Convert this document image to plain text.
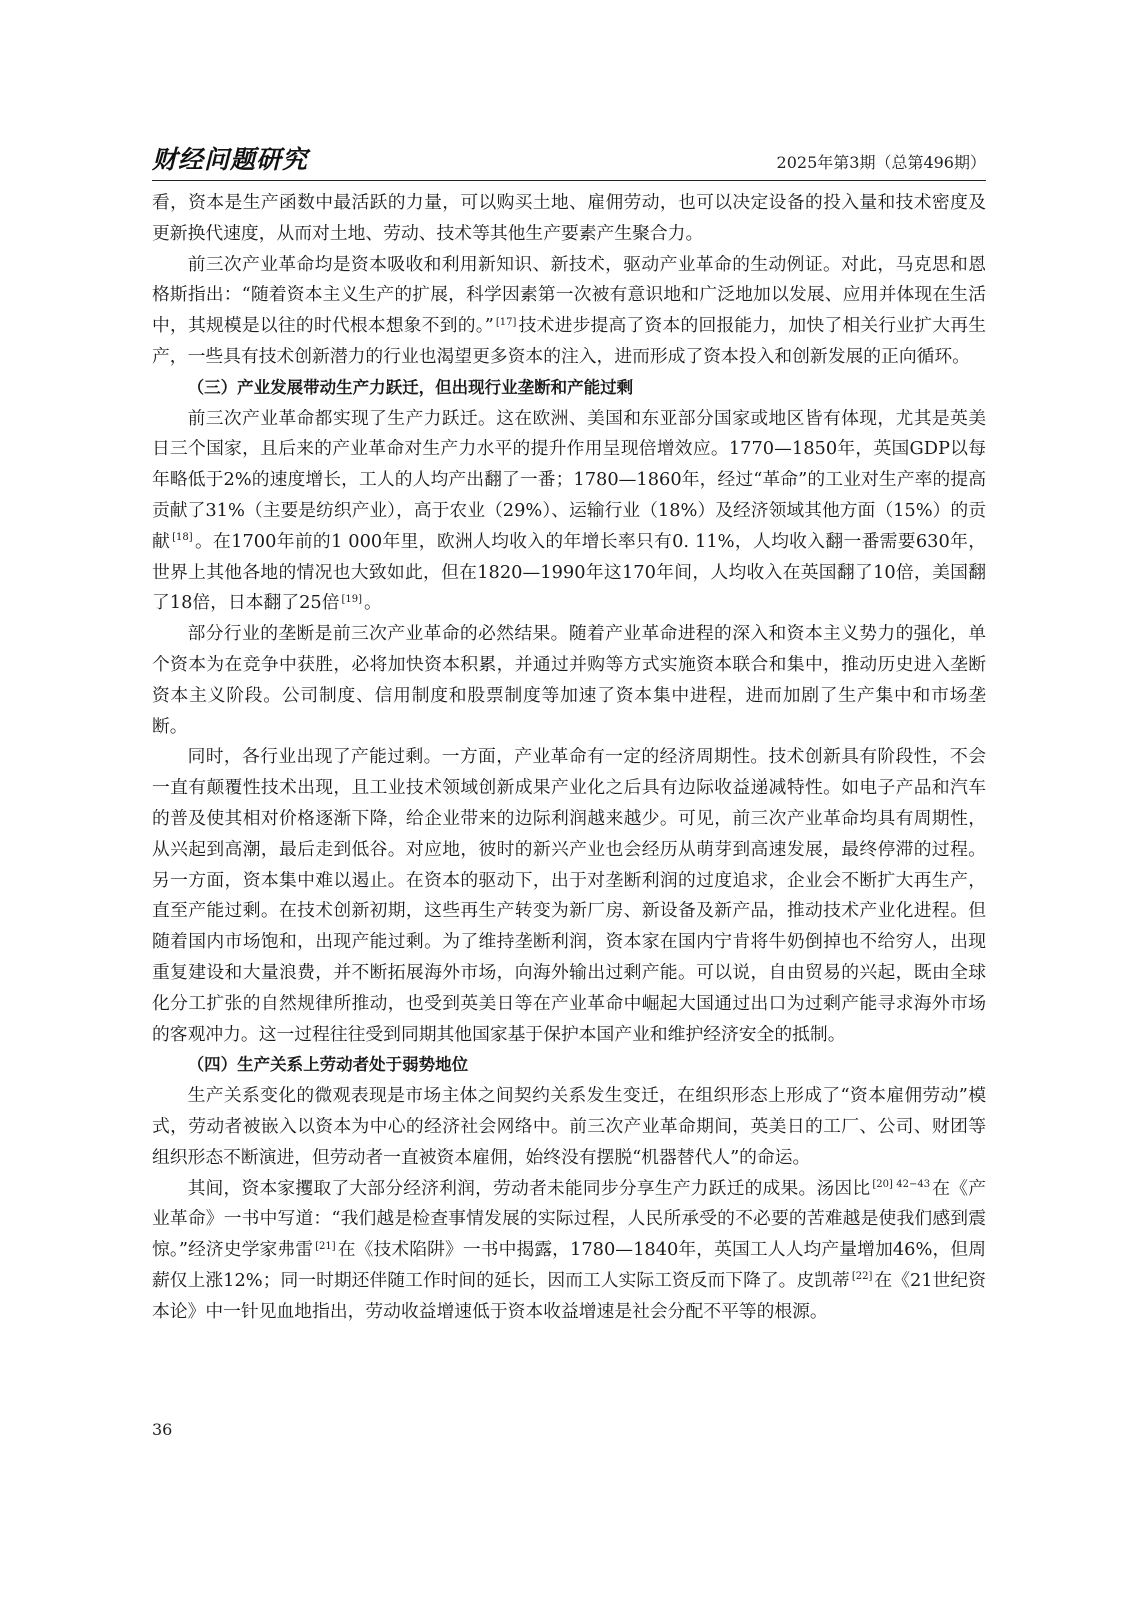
财经问题研究	2025年第3期（总第496期）

看，资本是生产函数中最活跃的力量，可以购买土地、雇佣劳动，也可以决定设备的投入量和技术密度及更新换代速度，从而对土地、劳动、技术等其他生产要素产生聚合力。

前三次产业革命均是资本吸收和利用新知识、新技术，驱动产业革命的生动例证。对此，马克思和恩格斯指出：“随着资本主义生产的扩展，科学因素第一次被有意识地和广泛地加以发展、应用并体现在生活中，其规模是以往的时代根本想象不到的。” [17] 技术进步提高了资本的回报能力，加快了相关行业扩大再生产，一些具有技术创新潜力的行业也渴望更多资本的注入，进而形成了资本投入和创新发展的正向循环。

（三）产业发展带动生产力跃迁，但出现行业垄断和产能过剩

前三次产业革命都实现了生产力跃迁。这在欧洲、美国和东亚部分国家或地区皆有体现，尤其是英美日三个国家，且后来的产业革命对生产力水平的提升作用呈现倍增效应。1770—1850年，英国GDP以每年略低于2%的速度增长，工人的人均产出翻了一番；1780—1860年，经过“革命”的工业对生产率的提高贡献了31%（主要是纺织产业），高于农业（29%）、运输行业（18%）及经济领域其他方面（15%）的贡献 [18] 。在1700年前的1 000年里，欧洲人均收入的年增长率只有0. 11%，人均收入翻一番需要630年，世界上其他各地的情况也大致如此，但在1820—1990年这170年间，人均收入在英国翻了10倍，美国翻了18倍，日本翻了25倍 [19] 。

部分行业的垄断是前三次产业革命的必然结果。随着产业革命进程的深入和资本主义势力的强化，单个资本为在竞争中获胜，必将加快资本积累，并通过并购等方式实施资本联合和集中，推动历史进入垄断资本主义阶段。公司制度、信用制度和股票制度等加速了资本集中进程，进而加剧了生产集中和市场垄断。

同时，各行业出现了产能过剩。一方面，产业革命有一定的经济周期性。技术创新具有阶段性，不会一直有颠覆性技术出现，且工业技术领域创新成果产业化之后具有边际收益递减特性。如电子产品和汽车的普及使其相对价格逐渐下降，给企业带来的边际利润越来越少。可见，前三次产业革命均具有周期性，从兴起到高潮，最后走到低谷。对应地，彼时的新兴产业也会经历从萌芽到高速发展，最终停滞的过程。另一方面，资本集中难以遏止。在资本的驱动下，出于对垄断利润的过度追求，企业会不断扩大再生产，直至产能过剩。在技术创新初期，这些再生产转变为新厂房、新设备及新产品，推动技术产业化进程。但随着国内市场饱和，出现产能过剩。为了维持垄断利润，资本家在国内宁肯将牛奶倒掉也不给穷人，出现重复建设和大量浪费，并不断拓展海外市场，向海外输出过剩产能。可以说，自由贸易的兴起，既由全球化分工扩张的自然规律所推动，也受到英美日等在产业革命中崛起大国通过出口为过剩产能寻求海外市场的客观冲力。这一过程往往受到同期其他国家基于保护本国产业和维护经济安全的抵制。

（四）生产关系上劳动者处于弱势地位

生产关系变化的微观表现是市场主体之间契约关系发生变迁，在组织形态上形成了“资本雇佣劳动”模式，劳动者被嵌入以资本为中心的经济社会网络中。前三次产业革命期间，英美日的工厂、公司、财团等组织形态不断演进，但劳动者一直被资本雇佣，始终没有摆脱“机器替代人”的命运。

其间，资本家攫取了大部分经济利润，劳动者未能同步分享生产力跃迁的成果。汤因比 $^{[20] 42-43}$ 在《产业革命》一书中写道：“我们越是检查事情发展的实际过程，人民所承受的不必要的苦难越是使我们感到震惊。”经济史学家弗雷 [21] 在《技术陷阱》一书中揭露，1780—1840年，英国工人人均产量增加46%，但周薪仅上涨12%；同一时期还伴随工作时间的延长，因而工人实际工资反而下降了。皮凯蒂 [22] 在《21世纪资本论》中一针见血地指出，劳动收益增速低于资本收益增速是社会分配不平等的根源。

36
